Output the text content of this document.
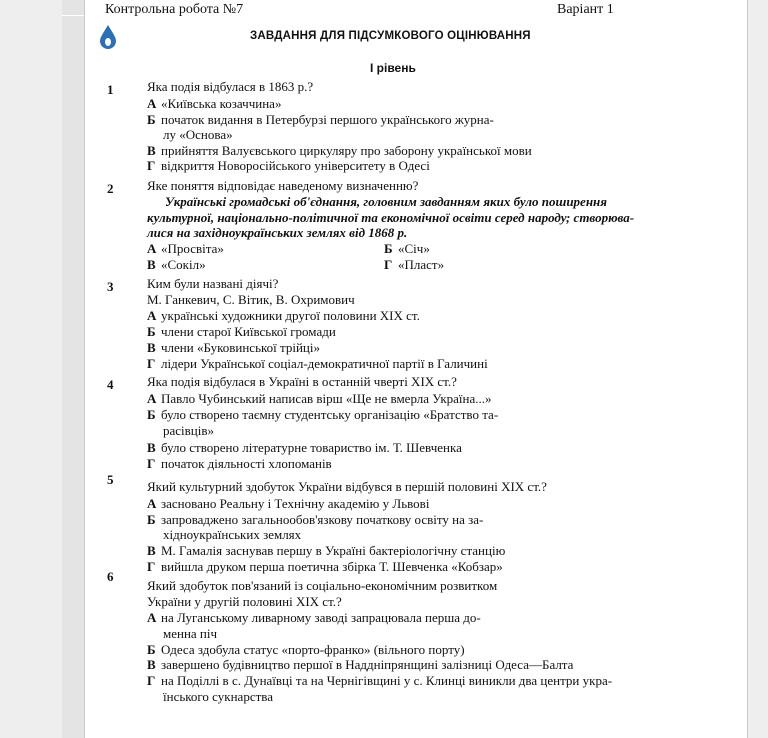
Контрольна робота №7	Варіант 1
ЗАВДАННЯ ДЛЯ ПІДСУМКОВОГО ОЦІНЮВАННЯ
І рівень
1	Яка подія відбулася в 1863 р.?
А «Київська козаччина»
Б початок видання в Петербурзі першого українського журна-
лу «Основа»
В прийняття Валуєвського циркуляру про заборону української мови
Г відкриття Новоросійського університету в Одесі
2	Яке поняття відповідає наведеному визначенню?
Українські громадські об'єднання, головним завданням яких було поширення
культурної, національно-політичної та економічної освіти серед народу; створюва-
лися на західноукраїнських землях від 1868 р.
А «Просвіта»	Б «Січ»
В «Сокіл»	Г «Пласт»
3	Ким були названі діячі?
М. Ганкевич, С. Вітик, В. Охримович
А українські художники другої половини XIX ст.
Б члени старої Київської громади
В члени «Буковинської трійці»
Г лідери Української соціал-демократичної партії в Галичині
4	Яка подія відбулася в Україні в останній чверті XIX ст.?
А Павло Чубинський написав вірш «Ще не вмерла Україна...»
Б було створено таємну студентську організацію «Братство та-
расівців»
В було створено літературне товариство ім. Т. Шевченка
Г початок діяльності хлопоманів
5	Який культурний здобуток України відбувся в першій половині XIX ст.?
А засновано Реальну і Технічну академію у Львові
Б запроваджено загальнообов'язкову початкову освіту на за-
хідноукраїнських землях
В М. Гамалія заснував першу в Україні бактеріологічну станцію
Г вийшла друком перша поетична збірка Т. Шевченка «Кобзар»
6
Який здобуток пов'язаний із соціально-економічним розвитком
України у другій половині XIX ст.?
А на Луганському ливарному заводі запрацювала перша до-
менна піч
Б Одеса здобула статус «порто-франко» (вільного порту)
В завершено будівництво першої в Наддніпрянщині залізниці Одеса—Балта
Г на Поділлі в с. Дунаївці та на Чернігівщині у с. Клинці виникли два центри укра-
їнського сукнарства
